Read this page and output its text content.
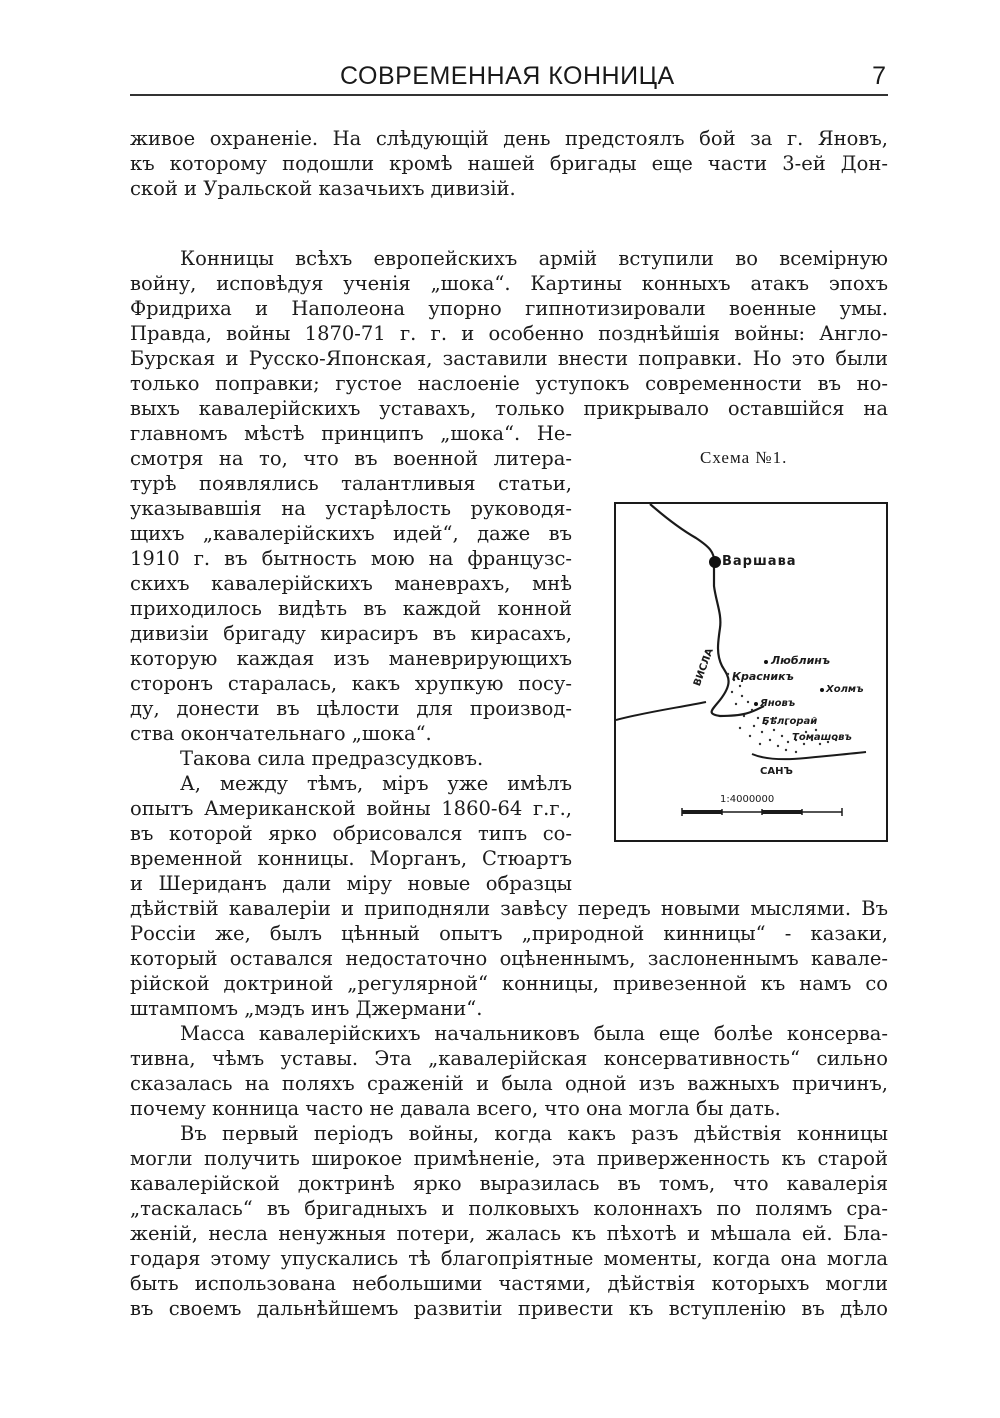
СОВРЕМЕННАЯ КОННИЦА	7
живое охраненіе. На слѣдующій день предстоялъ бой за г. Яновъ,
къ которому подошли кромѣ нашей бригады еще части 3-ей Дон-
ской и Уральской казачьихъ дивизій.
Конницы всѣхъ европейскихъ армій вступили во всемірную
войну, исповѣдуя ученія „шока“. Картины конныхъ атакъ эпохъ
Фридриха и Наполеона упорно гипнотизировали военные умы.
Правда, войны 1870-71 г. г. и особенно позднѣйшія войны: Англо-
Бурская и Русско-Японская, заставили внести поправки. Но это были
только поправки; густое наслоеніе уступокъ современности въ но-
выхъ кавалерійскихъ уставахъ, только прикрывало оставшійся на
главномъ мѣстѣ принципъ „шока“. Не-
смотря на то, что въ военной литера-
турѣ появлялись талантливыя статьи,
указывавшія на устарѣлость руководя-
щихъ „кавалерійскихъ идей“, даже въ
1910 г. въ бытность мою на французс-
скихъ кавалерійскихъ маневрахъ, мнѣ
приходилось видѣть въ каждой конной
дивизіи бригаду кирасиръ въ кирасахъ,
которую каждая изъ маневрирующихъ
сторонъ старалась, какъ хрупкую посу-
ду, донести въ цѣлости для производ-
ства окончательнаго „шока“.
Такова сила предразсудковъ.
А, между тѣмъ, міръ уже имѣлъ
опытъ Американской войны 1860-64 г.г.,
въ которой ярко обрисовался типъ со-
временной конницы. Морганъ, Стюартъ
и Шериданъ дали міру новые образцы
дѣйствій кавалеріи и приподняли завѣсу передъ новыми мыслями. Въ
Россіи же, былъ цѣнный опытъ „природной кинницы“ - казаки,
который оставался недостаточно оцѣненнымъ, заслоненнымъ кавале-
рійской доктриной „регулярной“ конницы, привезенной къ намъ со
штампомъ „мэдъ инъ Джермани“.
Масса кавалерійскихъ начальниковъ была еще болѣе консерва-
тивна, чѣмъ уставы. Эта „кавалерійская консервативность“ сильно
сказалась на поляхъ сраженій и была одной изъ важныхъ причинъ,
почему конница часто не давала всего, что она могла бы дать.
Въ первый періодъ войны, когда какъ разъ дѣйствія конницы
могли получить широкое примѣненіе, эта приверженность къ старой
кавалерійской доктринѣ ярко выразилась въ томъ, что кавалерія
„таскалась“ въ бригадныхъ и полковыхъ колоннахъ по полямъ сра-
женій, несла ненужныя потери, жалась къ пѣхотѣ и мѣшала ей. Бла-
годаря этому упускались тѣ благопріятные моменты, когда она могла
быть использована небольшими частями, дѣйствія которыхъ могли
въ своемъ дальнѣйшемъ развитіи привести къ вступленію въ дѣло
Схема №1.
Варшава
Люблинъ
Красникъ
Холмъ
Яновъ
Бѣлгорай
Томашовъ
ВИСЛА
САНЪ
1:4000000
